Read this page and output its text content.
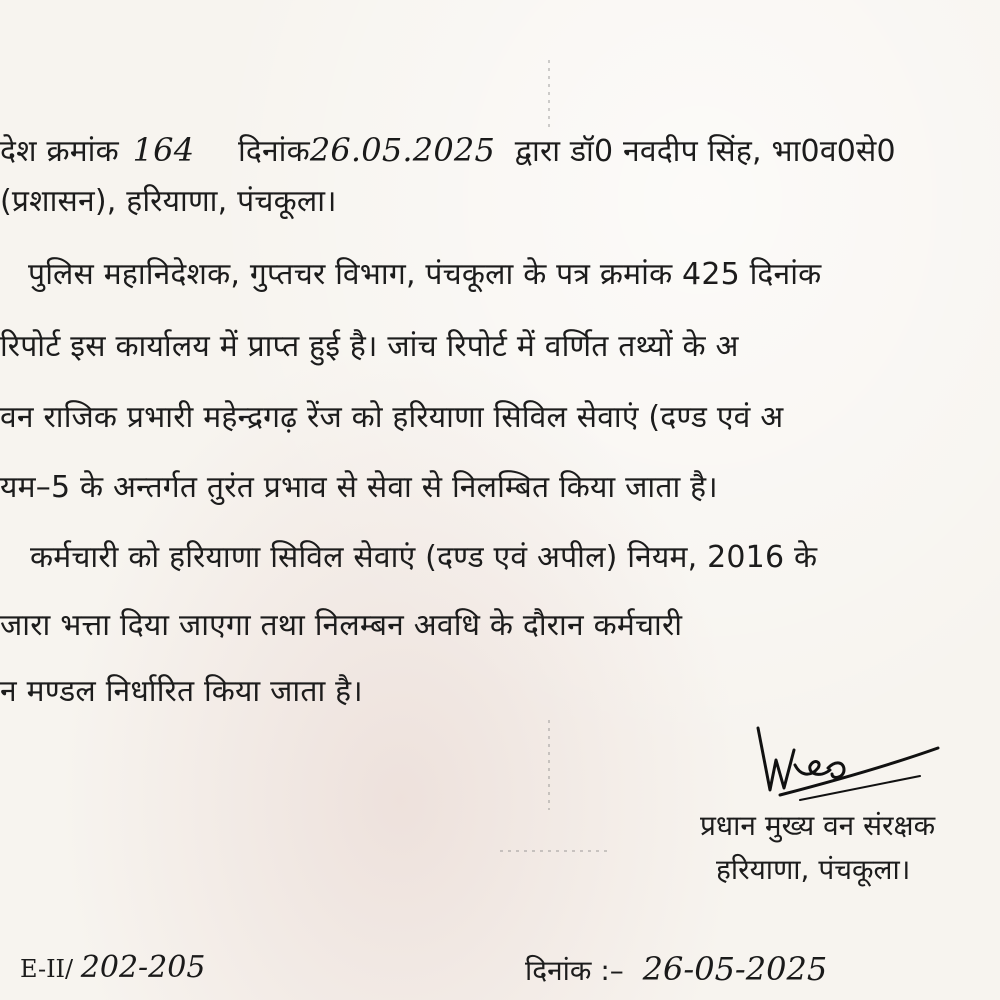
देश क्रमांक 164 दिनांक26.05.2025 द्वारा डॉ0 नवदीप सिंह, भा0व0से0
(प्रशासन), हरियाणा, पंचकूला।
पुलिस महानिदेशक, गुप्तचर विभाग, पंचकूला के पत्र क्रमांक 425 दिनांक
रिपोर्ट इस कार्यालय में प्राप्त हुई है। जांच रिपोर्ट में वर्णित तथ्यों के अ
वन राजिक प्रभारी महेन्द्रगढ़ रेंज को हरियाणा सिविल सेवाएं (दण्ड एवं अ
यम–5 के अन्तर्गत तुरंत प्रभाव से सेवा से निलम्बित किया जाता है।
कर्मचारी को हरियाणा सिविल सेवाएं (दण्ड एवं अपील) नियम, 2016 के
जारा भत्ता दिया जाएगा तथा निलम्बन अवधि के दौरान कर्मचारी
न मण्डल निर्धारित किया जाता है।
प्रधान मुख्य वन संरक्षक
हरियाणा, पंचकूला।
E-II/ 202-205	दिनांक :– 26-05-2025
